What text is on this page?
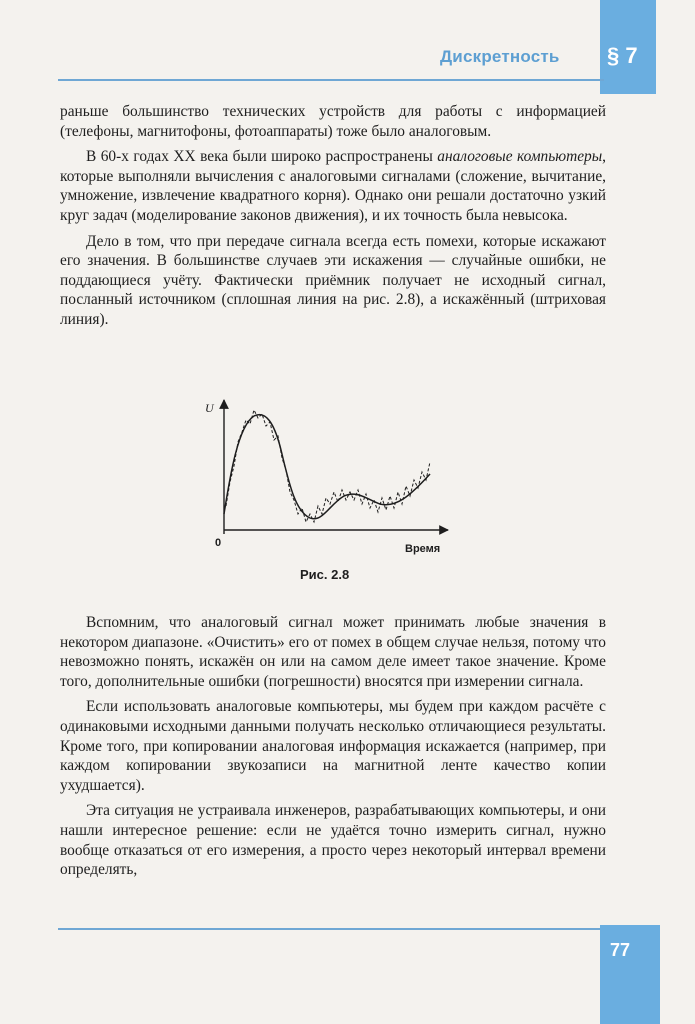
Дискретность § 7

раньше большинство технических устройств для работы с информацией (телефоны, магнитофоны, фотоаппараты) тоже было аналоговым.

В 60-х годах XX века были широко распространены аналоговые компьютеры, которые выполняли вычисления с аналоговыми сигналами (сложение, вычитание, умножение, извлечение квадратного корня). Однако они решали достаточно узкий круг задач (моделирование законов движения), и их точность была невысока.

Дело в том, что при передаче сигнала всегда есть помехи, которые искажают его значения. В большинстве случаев эти искажения — случайные ошибки, не поддающиеся учёту. Фактически приёмник получает не исходный сигнал, посланный источником (сплошная линия на рис. 2.8), а искажённый (штриховая линия).

U
0	Время
Рис. 2.8

Вспомним, что аналоговый сигнал может принимать любые значения в некотором диапазоне. «Очистить» его от помех в общем случае нельзя, потому что невозможно понять, искажён он или на самом деле имеет такое значение. Кроме того, дополнительные ошибки (погрешности) вносятся при измерении сигнала.

Если использовать аналоговые компьютеры, мы будем при каждом расчёте с одинаковыми исходными данными получать несколько отличающиеся результаты. Кроме того, при копировании аналоговая информация искажается (например, при каждом копировании звукозаписи на магнитной ленте качество копии ухудшается).

Эта ситуация не устраивала инженеров, разрабатывающих компьютеры, и они нашли интересное решение: если не удаётся точно измерить сигнал, нужно вообще отказаться от его измерения, а просто через некоторый интервал времени определять,

77
